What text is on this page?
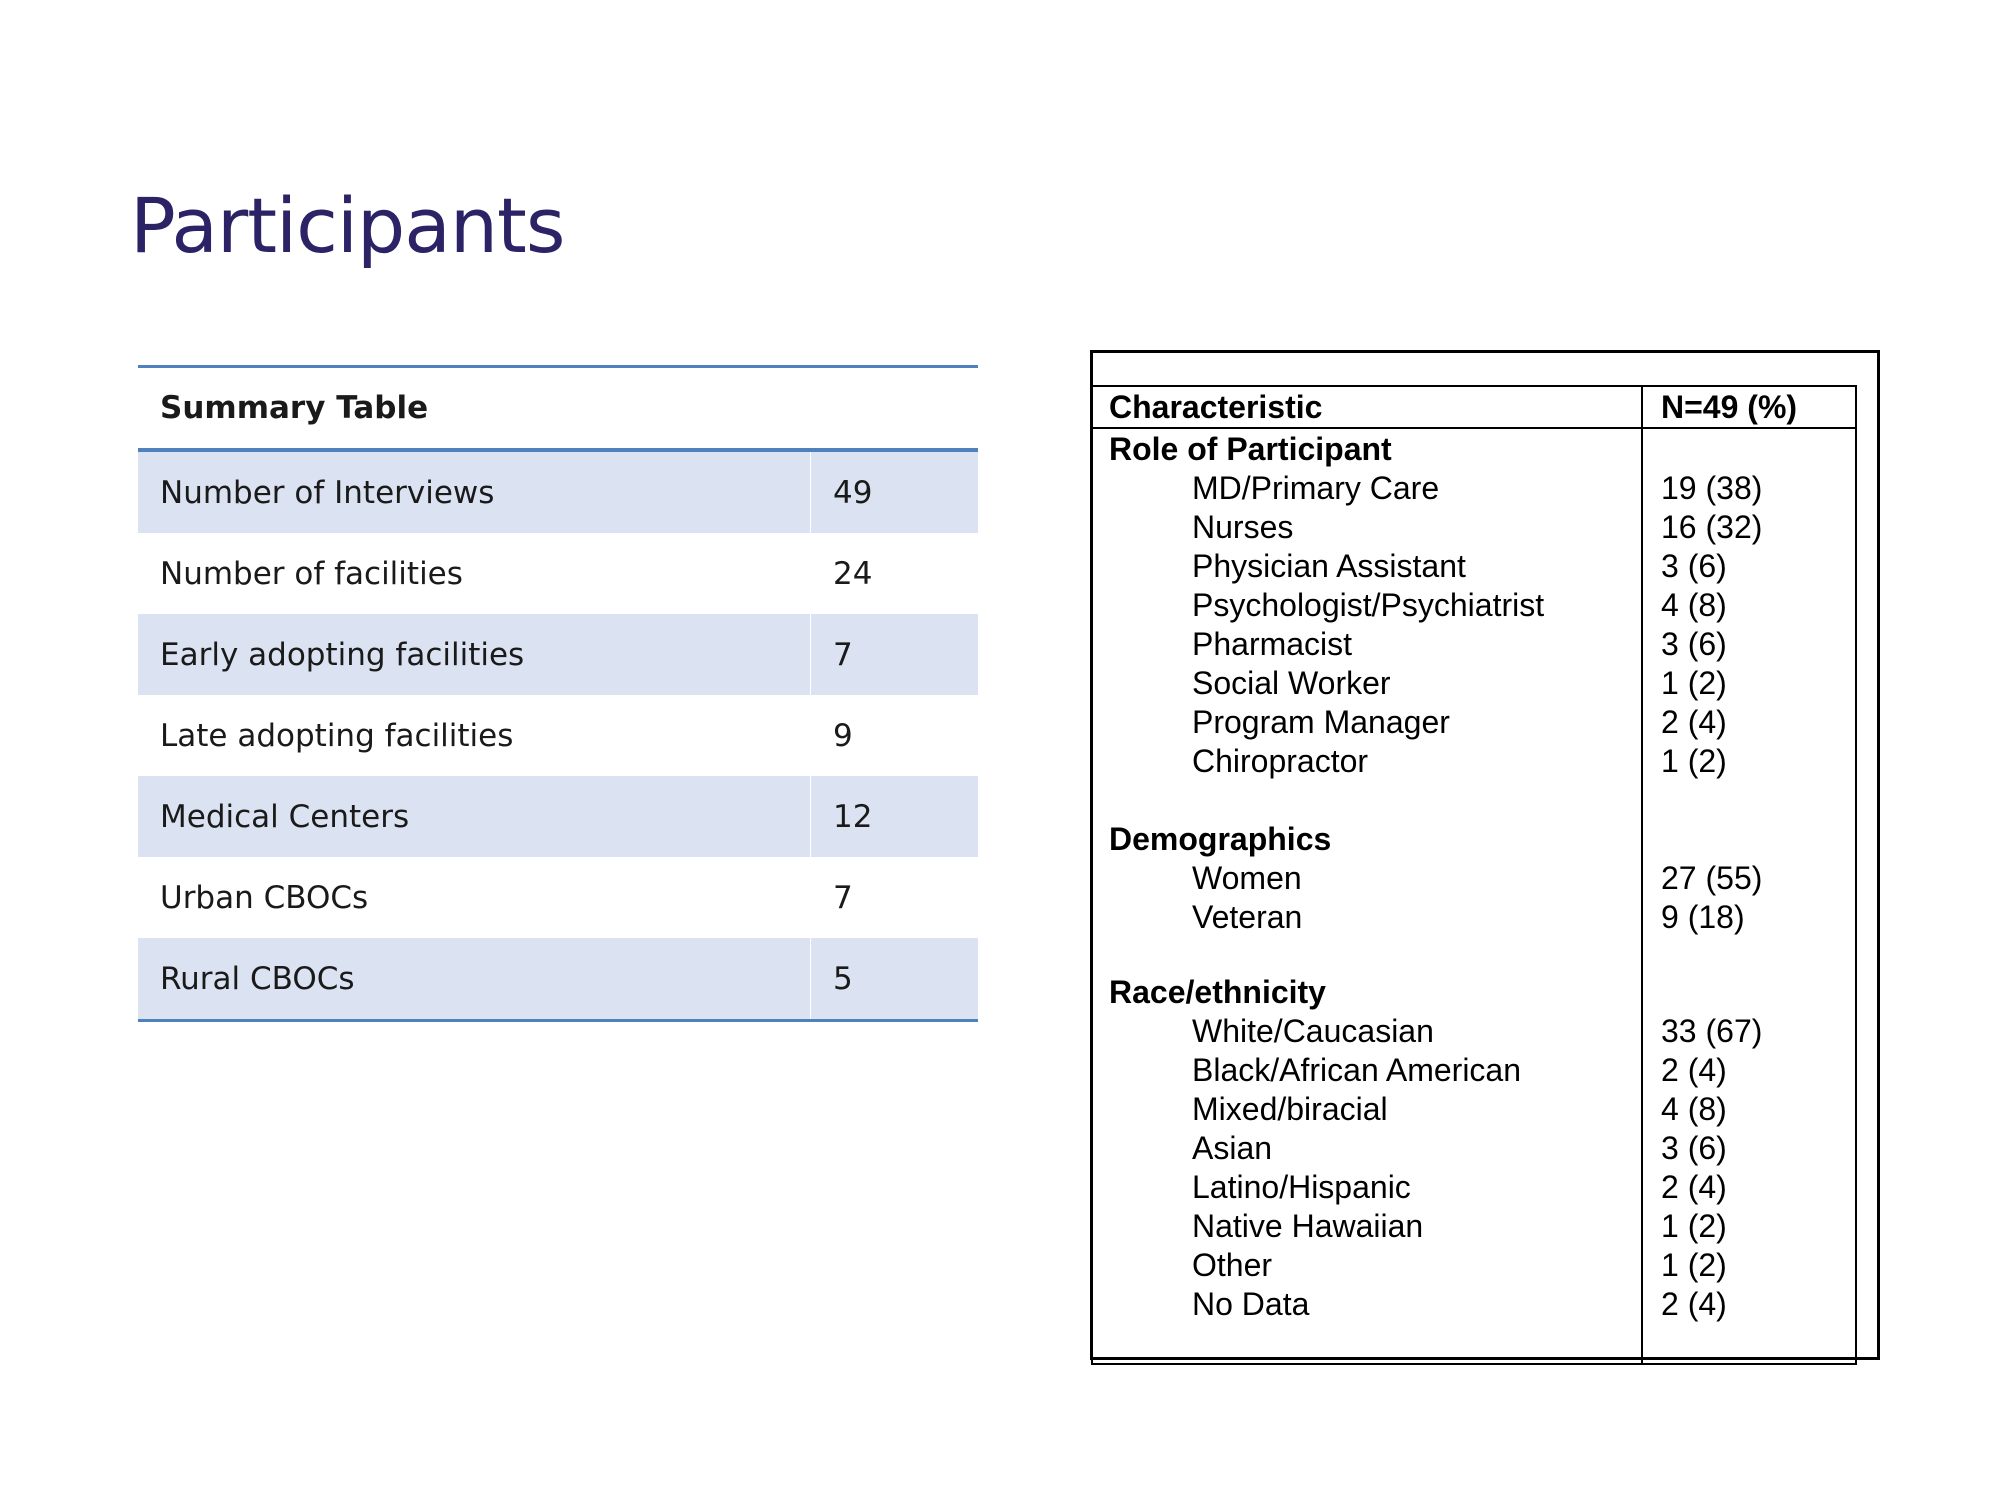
Participants
Summary Table	
Number of Interviews	49
Number of facilities	24
Early adopting facilities	7
Late adopting facilities	9
Medical Centers	12
Urban CBOCs	7
Rural CBOCs	5
Characteristic	N=49 (%)
Role of Participant
MD/Primary Care	19 (38)
Nurses	16 (32)
Physician Assistant	3 (6)
Psychologist/Psychiatrist	4 (8)
Pharmacist	3 (6)
Social Worker	1 (2)
Program Manager	2 (4)
Chiropractor	1 (2)
Demographics
Women	27 (55)
Veteran	9 (18)
Race/ethnicity
White/Caucasian	33 (67)
Black/African American	2 (4)
Mixed/biracial	4 (8)
Asian	3 (6)
Latino/Hispanic	2 (4)
Native Hawaiian	1 (2)
Other	1 (2)
No Data	2 (4)
